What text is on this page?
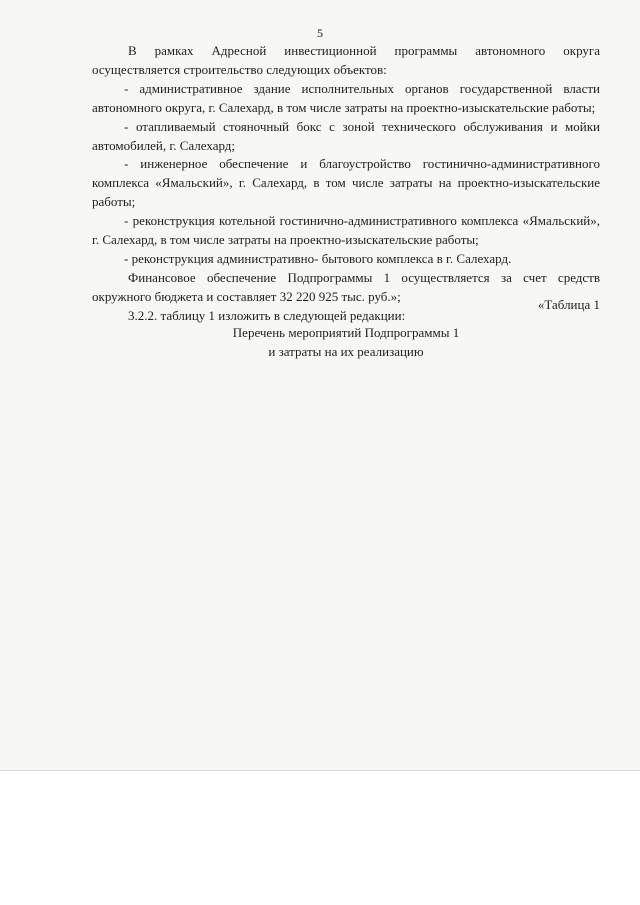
5

В рамках Адресной инвестиционной программы автономного округа осуществляется строительство следующих объектов:

- административное здание исполнительных органов государственной власти автономного округа, г. Салехард, в том числе затраты на проектно-изыскательские работы;

- отапливаемый стояночный бокс с зоной технического обслуживания и мойки автомобилей, г. Салехард;

- инженерное обеспечение и благоустройство гостинично-административного комплекса «Ямальский», г. Салехард, в том числе затраты на проектно-изыскательские работы;

- реконструкция котельной гостинично-административного комплекса «Ямальский», г. Салехард, в том числе затраты на проектно-изыскательские работы;

- реконструкция административно- бытового комплекса в г. Салехард.

Финансовое обеспечение Подпрограммы 1 осуществляется за счет средств окружного бюджета и составляет 32 220 925 тыс. руб.»;

3.2.2. таблицу 1 изложить в следующей редакции:

«Таблица 1
Перечень мероприятий Подпрограммы 1
и затраты на их реализацию
